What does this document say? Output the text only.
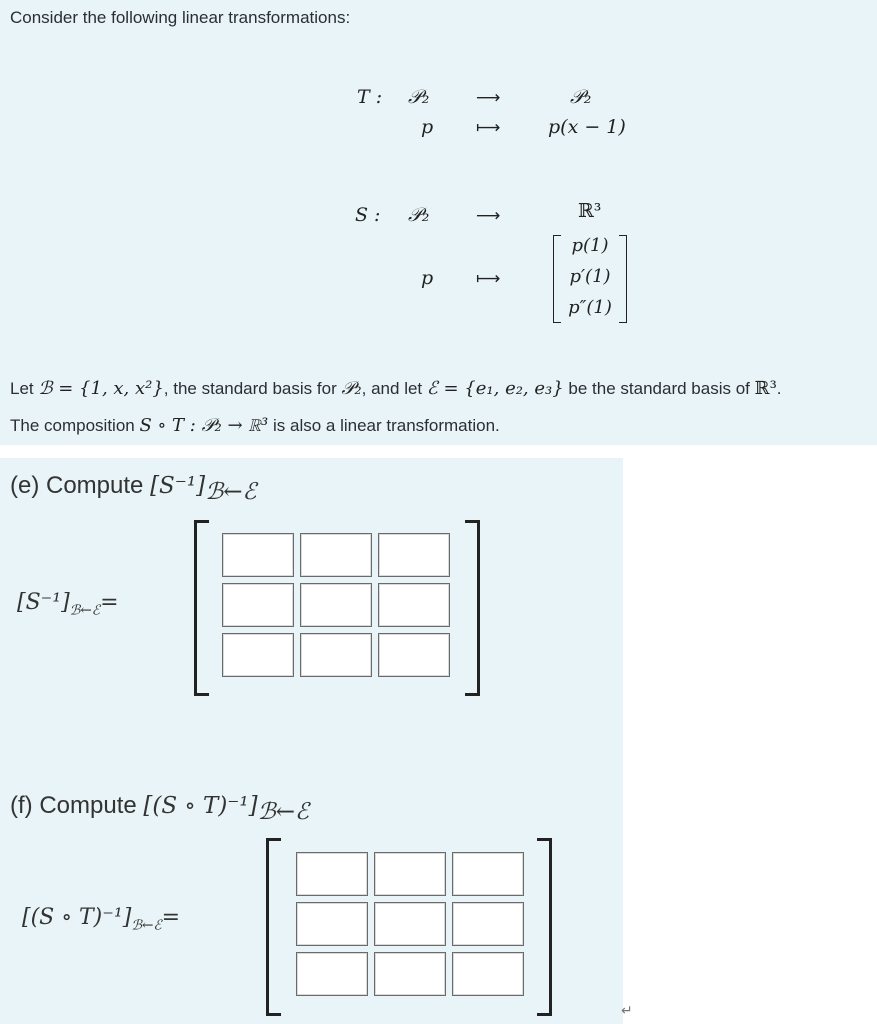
Consider the following linear transformations:
T : 𝒫₂	⟶	𝒫₂
p	⟼	p(x − 1)
S : 𝒫₂	⟶	ℝ³
p	⟼
p(1)
p′(1)
p″(1)
Let ℬ = {1, x, x²}, the standard basis for 𝒫₂, and let ℰ = {e₁, e₂, e₃} be the standard basis of ℝ³.
The composition S ∘ T : 𝒫₂ → ℝ³ is also a linear transformation.
(e) Compute $[S^{-1}]_{ℬ\leftarrow ℰ}$
$[S^{-1}]_{ℬ\leftarrow ℰ}=$
(f) Compute [(S ∘ $T)^{-1}]_{ℬ\leftarrow ℰ}$
[(S ∘ $T)^{-1}]_{ℬ\leftarrow ℰ}=$
↵
